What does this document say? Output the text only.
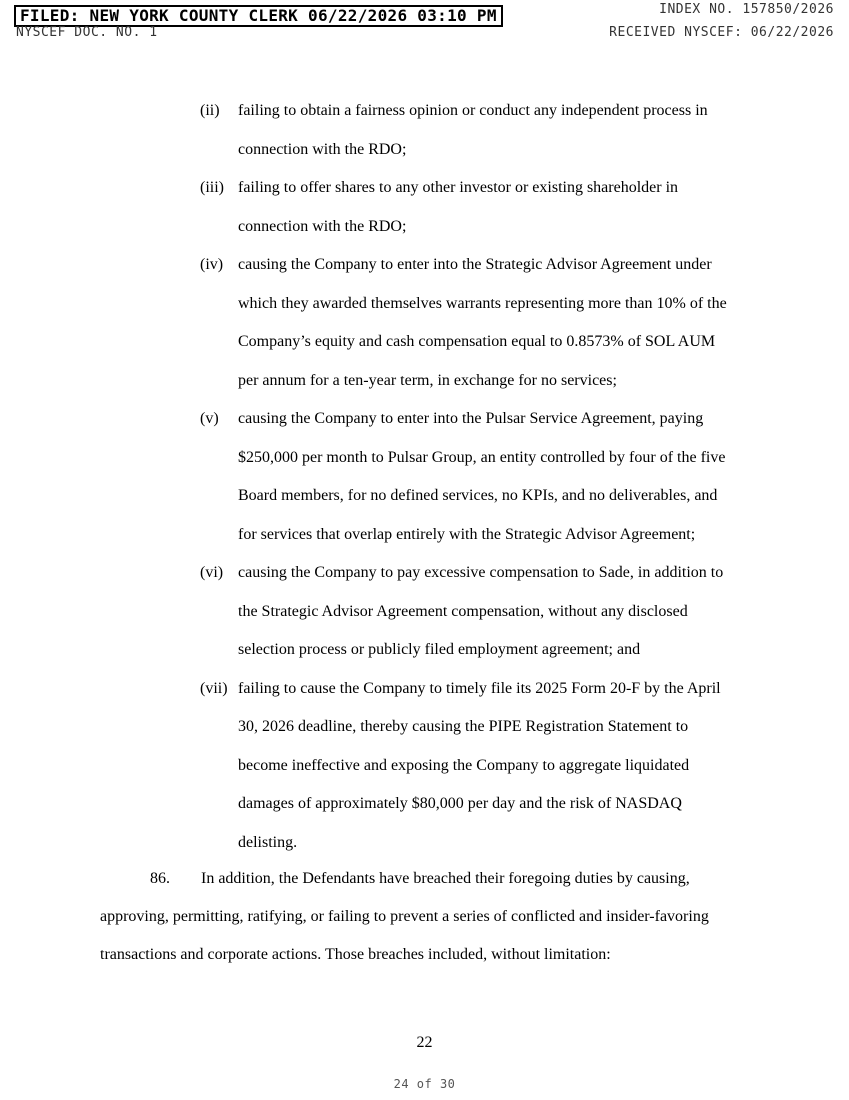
FILED: NEW YORK COUNTY CLERK 06/22/2026 03:10 PM
NYSCEF DOC. NO. 1
INDEX NO. 157850/2026
RECEIVED NYSCEF: 06/22/2026
(ii) failing to obtain a fairness opinion or conduct any independent process in
connection with the RDO;
(iii) failing to offer shares to any other investor or existing shareholder in
connection with the RDO;
(iv) causing the Company to enter into the Strategic Advisor Agreement under
which they awarded themselves warrants representing more than 10% of the
Company’s equity and cash compensation equal to 0.8573% of SOL AUM
per annum for a ten-year term, in exchange for no services;
(v) causing the Company to enter into the Pulsar Service Agreement, paying
$250,000 per month to Pulsar Group, an entity controlled by four of the five
Board members, for no defined services, no KPIs, and no deliverables, and
for services that overlap entirely with the Strategic Advisor Agreement;
(vi) causing the Company to pay excessive compensation to Sade, in addition to
the Strategic Advisor Agreement compensation, without any disclosed
selection process or publicly filed employment agreement; and
(vii) failing to cause the Company to timely file its 2025 Form 20-F by the April
30, 2026 deadline, thereby causing the PIPE Registration Statement to
become ineffective and exposing the Company to aggregate liquidated
damages of approximately $80,000 per day and the risk of NASDAQ
delisting.
86. In addition, the Defendants have breached their foregoing duties by causing,
approving, permitting, ratifying, or failing to prevent a series of conflicted and insider-favoring
transactions and corporate actions. Those breaches included, without limitation:
22
24 of 30
